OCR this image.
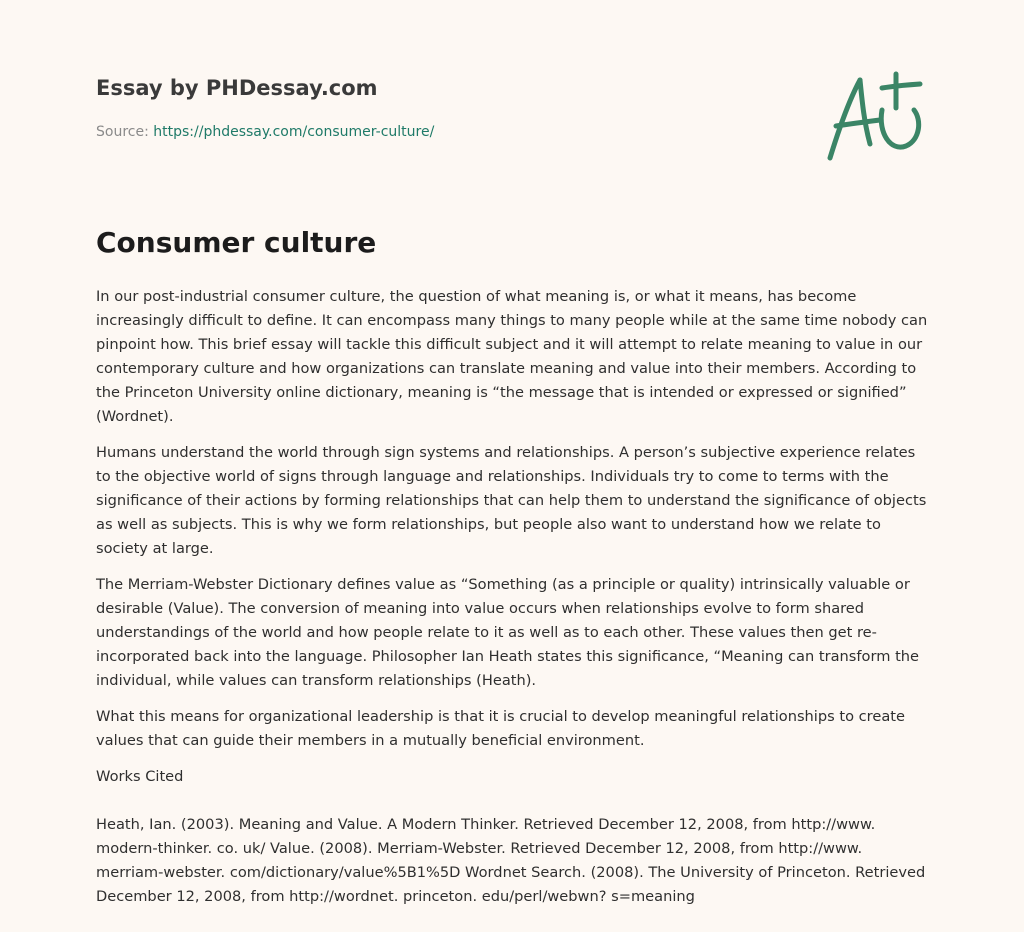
Essay by PHDessay.com
Source: https://phdessay.com/consumer-culture/
Consumer culture

In our post-industrial consumer culture, the question of what meaning is, or what it means, has become increasingly difficult to define. It can encompass many things to many people while at the same time nobody can pinpoint how. This brief essay will tackle this difficult subject and it will attempt to relate meaning to value in our contemporary culture and how organizations can translate meaning and value into their members. According to the Princeton University online dictionary, meaning is “the message that is intended or expressed or signified” (Wordnet).

Humans understand the world through sign systems and relationships. A person’s subjective experience relates to the objective world of signs through language and relationships. Individuals try to come to terms with the significance of their actions by forming relationships that can help them to understand the significance of objects as well as subjects. This is why we form relationships, but people also want to understand how we relate to society at large.

The Merriam-Webster Dictionary defines value as “Something (as a principle or quality) intrinsically valuable or desirable (Value). The conversion of meaning into value occurs when relationships evolve to form shared understandings of the world and how people relate to it as well as to each other. These values then get re-incorporated back into the language. Philosopher Ian Heath states this significance, “Meaning can transform the individual, while values can transform relationships (Heath).

What this means for organizational leadership is that it is crucial to develop meaningful relationships to create values that can guide their members in a mutually beneficial environment.

Works Cited

Heath, Ian. (2003). Meaning and Value. A Modern Thinker. Retrieved December 12, 2008, from http://www. modern-thinker. co. uk/ Value. (2008). Merriam-Webster. Retrieved December 12, 2008, from http://www. merriam-webster. com/dictionary/value%5B1%5D Wordnet Search. (2008). The University of Princeton. Retrieved December 12, 2008, from http://wordnet. princeton. edu/perl/webwn? s=meaning
